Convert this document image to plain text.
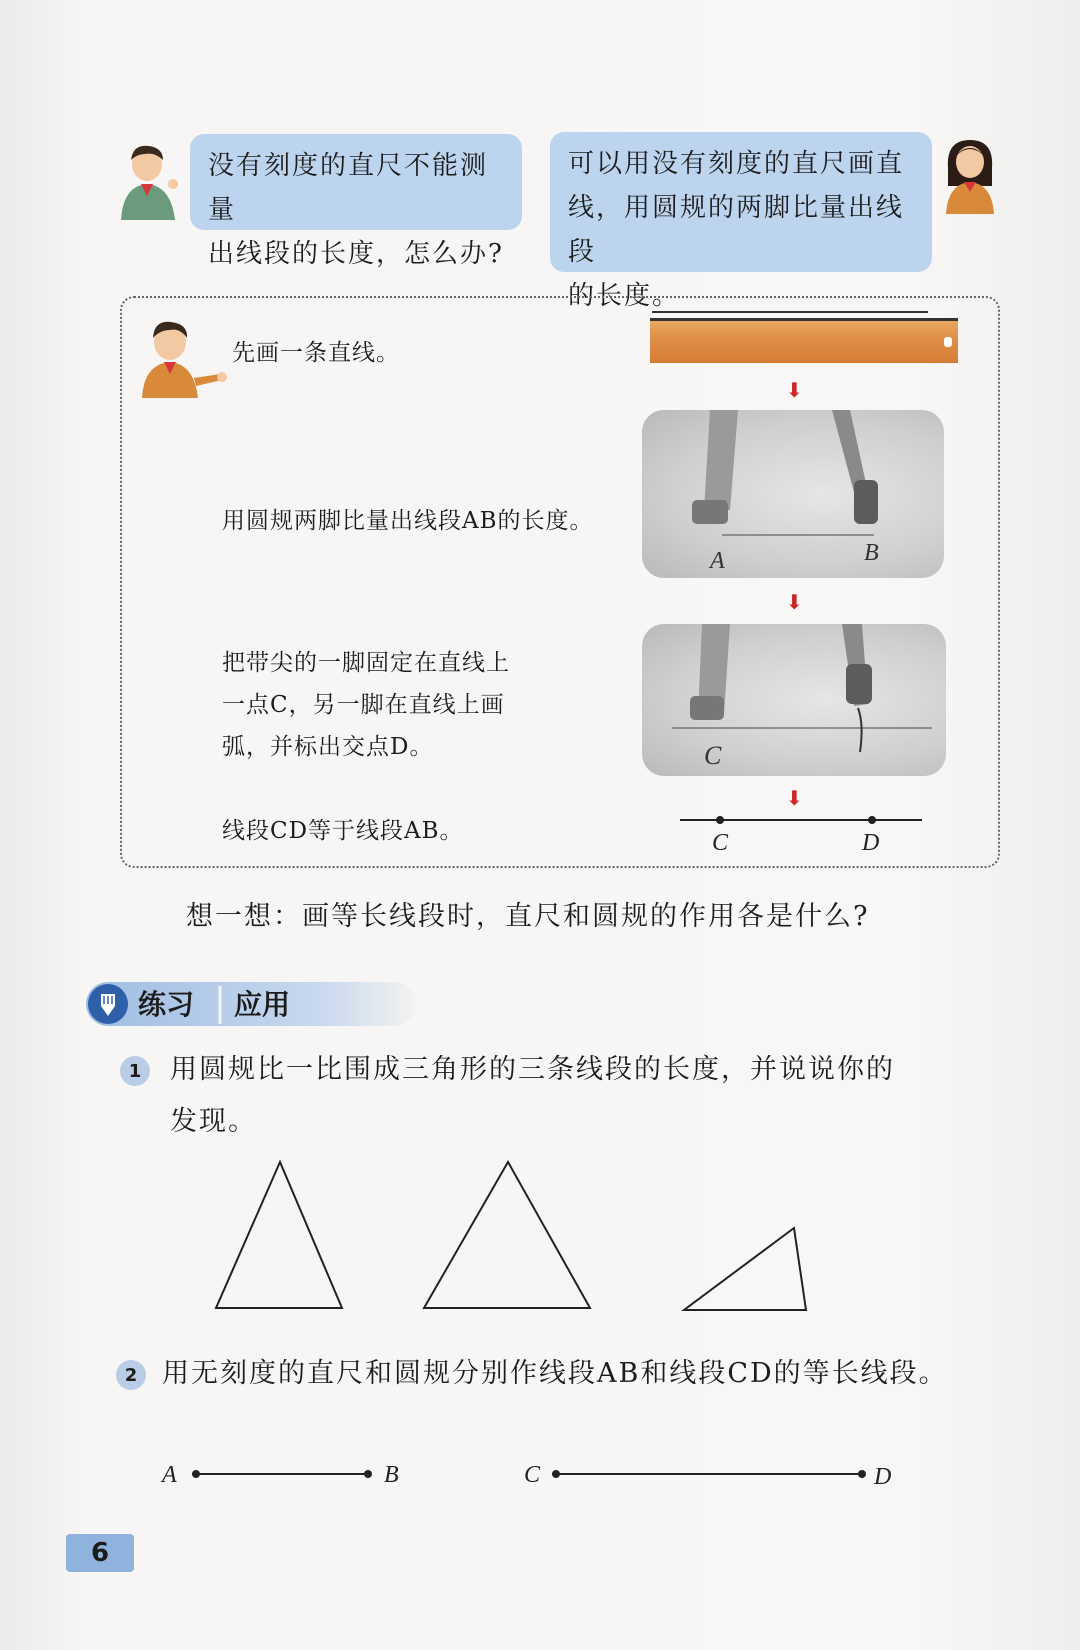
没有刻度的直尺不能测量
出线段的长度，怎么办?
可以用没有刻度的直尺画直
线，用圆规的两脚比量出线段
的长度。
先画一条直线。
用圆规两脚比量出线段AB的长度。
把带尖的一脚固定在直线上
一点C，另一脚在直线上画
弧，并标出交点D。
线段CD等于线段AB。
⬇
A	B
⬇
C
⬇
C	D
想一想：画等长线段时，直尺和圆规的作用各是什么?
练习 应用
1	用圆规比一比围成三角形的三条线段的长度，并说说你的
发现。
2 用无刻度的直尺和圆规分别作线段AB和线段CD的等长线段。
A	B	C	D
6
